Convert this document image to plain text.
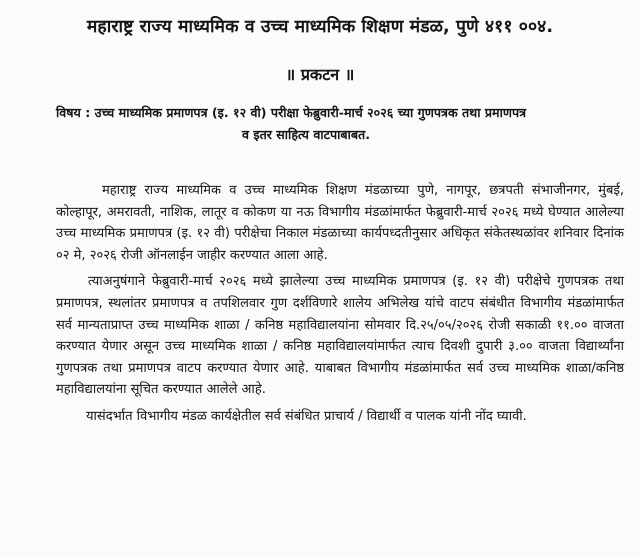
महाराष्ट्र राज्य माध्यमिक व उच्च माध्यमिक शिक्षण मंडळ, पुणे ४११ ००४.
॥ प्रकटन ॥
विषय : उच्च माध्यमिक प्रमाणपत्र (इ. १२ वी) परीक्षा फेब्रुवारी-मार्च २०२६ च्या गुणपत्रक तथा प्रमाणपत्र
व इतर साहित्य वाटपाबाबत.

महाराष्ट्र राज्य माध्यमिक व उच्च माध्यमिक शिक्षण मंडळाच्या पुणे, नागपूर, छत्रपती संभाजीनगर, मुंबई, कोल्हापूर, अमरावती, नाशिक, लातूर व कोकण या नऊ विभागीय मंडळांमार्फत फेब्रुवारी-मार्च २०२६ मध्ये घेण्यात आलेल्या उच्च माध्यमिक प्रमाणपत्र (इ. १२ वी) परीक्षेचा निकाल मंडळाच्या कार्यपध्दतीनुसार अधिकृत संकेतस्थळांवर शनिवार दिनांक ०२ मे, २०२६ रोजी ऑनलाईन जाहीर करण्यात आला आहे.

त्याअनुषंगाने फेब्रुवारी-मार्च २०२६ मध्ये झालेल्या उच्च माध्यमिक प्रमाणपत्र (इ. १२ वी) परीक्षेचे गुणपत्रक तथा प्रमाणपत्र, स्थलांतर प्रमाणपत्र व तपशिलवार गुण दर्शविणारे शालेय अभिलेख यांचे वाटप संबंधीत विभागीय मंडळांमार्फत सर्व मान्यताप्राप्त उच्च माध्यमिक शाळा / कनिष्ठ महाविद्यालयांना सोमवार दि.२५/०५/२०२६ रोजी सकाळी ११.०० वाजता करण्यात येणार असून उच्च माध्यमिक शाळा / कनिष्ठ महाविद्यालयांमार्फत त्याच दिवशी दुपारी ३.०० वाजता विद्यार्थ्यांना गुणपत्रक तथा प्रमाणपत्र वाटप करण्यात येणार आहे. याबाबत विभागीय मंडळांमार्फत सर्व उच्च माध्यमिक शाळा/कनिष्ठ महाविद्यालयांना सूचित करण्यात आलेले आहे.

यासंदर्भात विभागीय मंडळ कार्यक्षेतील सर्व संबंधित प्राचार्य / विद्यार्थी व पालक यांनी नोंद घ्यावी.
